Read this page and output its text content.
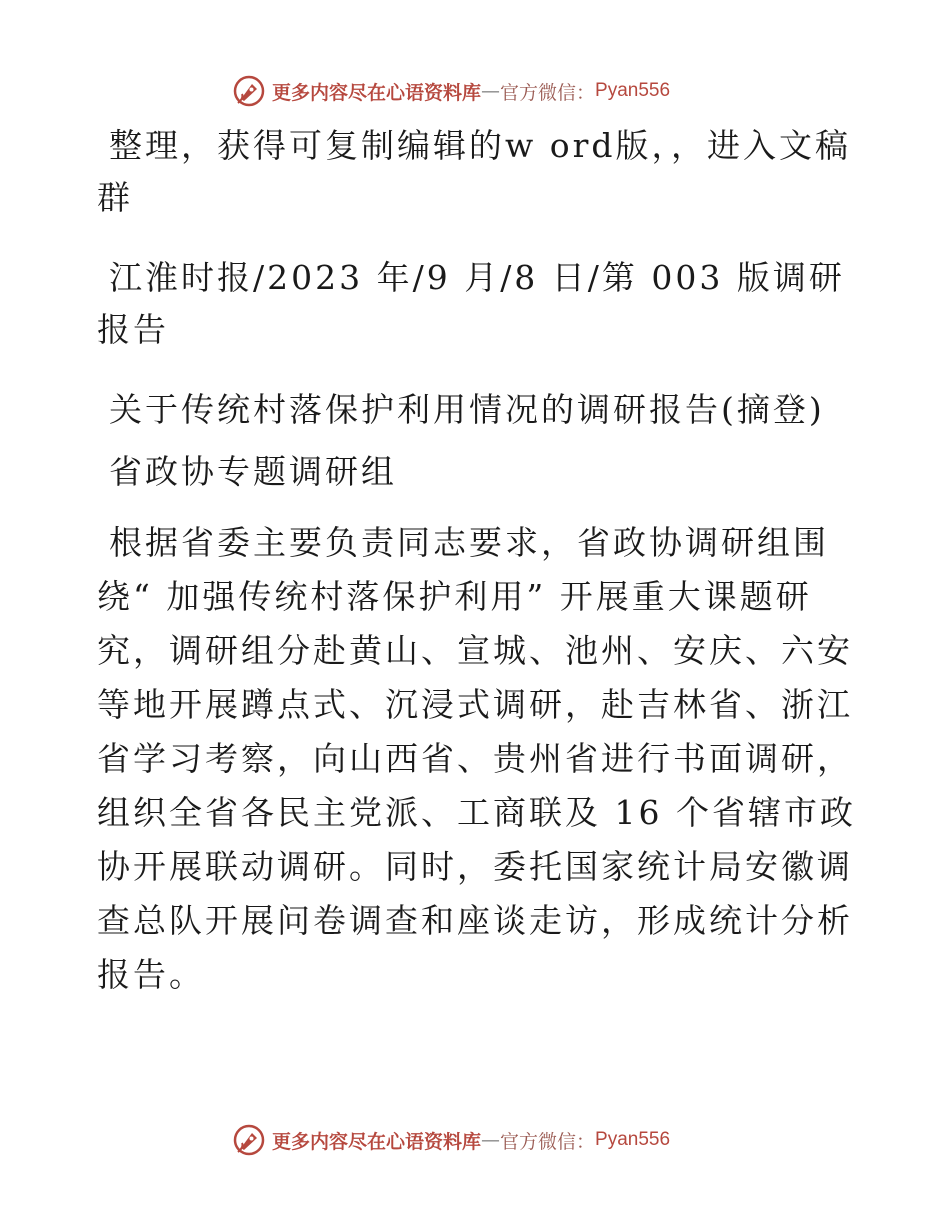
更多内容尽在心语资料库 — 官方微信： Pyan556

整理，获得可复制编辑的w ord版，，进入文稿群

江淮时报/2023 年/9 月/8 日/第 003 版调研报告

关于传统村落保护利用情况的调研报告(摘登)

省政协专题调研组

根据省委主要负责同志要求，省政协调研组围绕“ 加强传统村落保护利用” 开展重大课题研究，调研组分赴黄山、宣城、池州、安庆、六安等地开展蹲点式、沉浸式调研，赴吉林省、浙江省学习考察，向山西省、贵州省进行书面调研，组织全省各民主党派、工商联及 16 个省辖市政协开展联动调研。同时，委托国家统计局安徽调查总队开展问卷调查和座谈走访，形成统计分析报告。

更多内容尽在心语资料库 — 官方微信： Pyan556
